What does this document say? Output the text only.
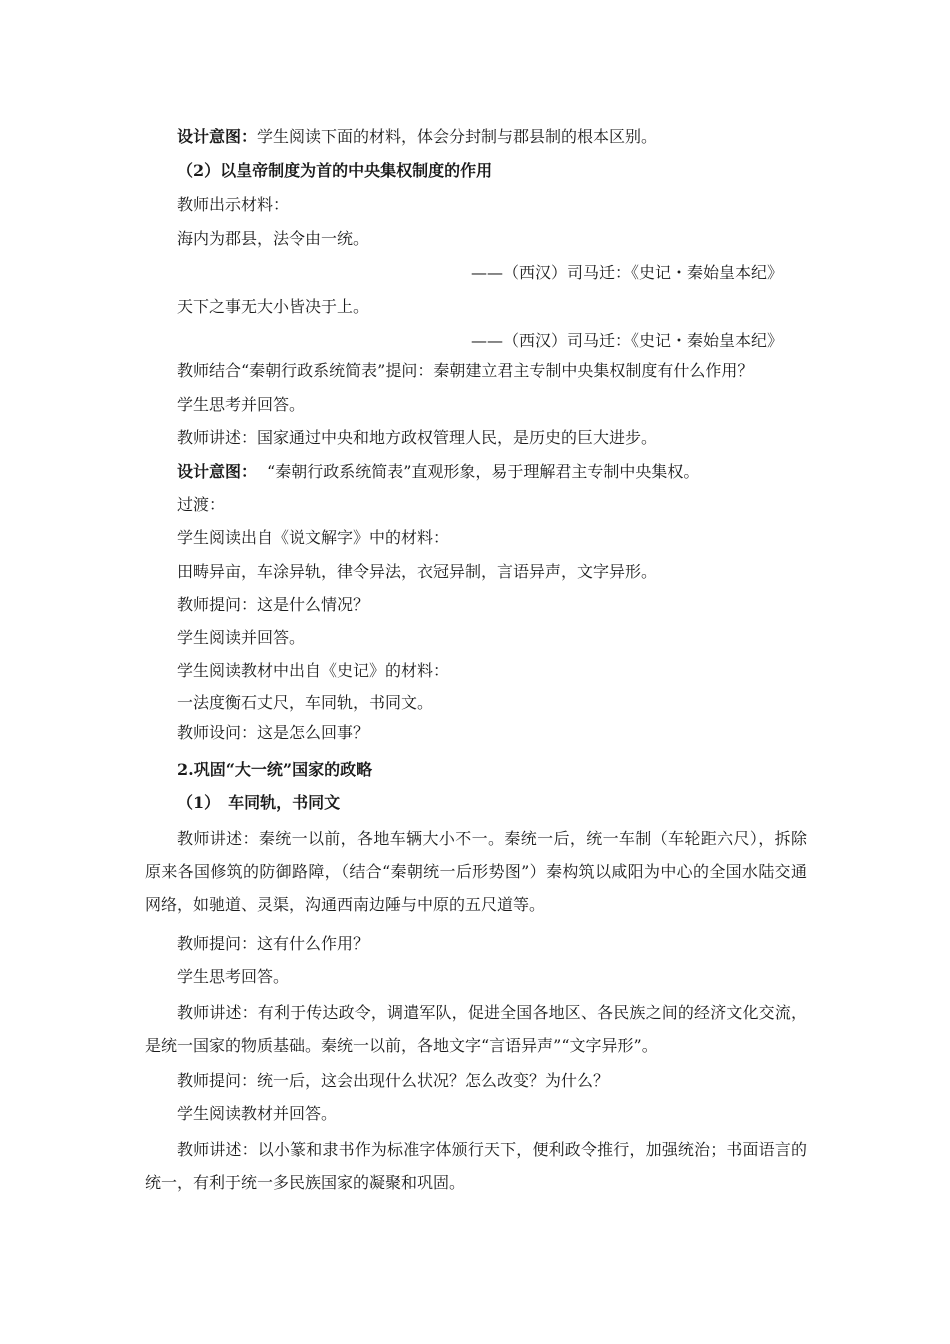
设计意图：学生阅读下面的材料，体会分封制与郡县制的根本区别。
（2）以皇帝制度为首的中央集权制度的作用
教师出示材料：
海内为郡县，法令由一统。
——（西汉）司马迁：《史记・秦始皇本纪》
天下之事无大小皆决于上。
——（西汉）司马迁：《史记・秦始皇本纪》
教师结合“秦朝行政系统简表”提问：秦朝建立君主专制中央集权制度有什么作用？
学生思考并回答。
教师讲述：国家通过中央和地方政权管理人民，是历史的巨大进步。
设计意图： “秦朝行政系统简表”直观形象，易于理解君主专制中央集权。
过渡：
学生阅读出自《说文解字》中的材料：
田畴异亩，车涂异轨，律令异法，衣冠异制，言语异声，文字异形。
教师提问：这是什么情况？
学生阅读并回答。
学生阅读教材中出自《史记》的材料：
一法度衡石丈尺，车同轨，书同文。
教师设问：这是怎么回事？
2.巩固“大一统”国家的政略
（1）　车同轨，书同文
教师讲述：秦统一以前，各地车辆大小不一。秦统一后，统一车制（车轮距六尺），拆除原来各国修筑的防御路障，（结合“秦朝统一后形势图”）秦构筑以咸阳为中心的全国水陆交通网络，如驰道、灵渠，沟通西南边陲与中原的五尺道等。
教师提问：这有什么作用？
学生思考回答。
教师讲述：有利于传达政令，调遣军队，促进全国各地区、各民族之间的经济文化交流，是统一国家的物质基础。秦统一以前，各地文字“言语异声”“文字异形”。
教师提问：统一后，这会出现什么状况？怎么改变？为什么？
学生阅读教材并回答。
教师讲述：以小篆和隶书作为标准字体颁行天下，便利政令推行，加强统治；书面语言的统一，有利于统一多民族国家的凝聚和巩固。
